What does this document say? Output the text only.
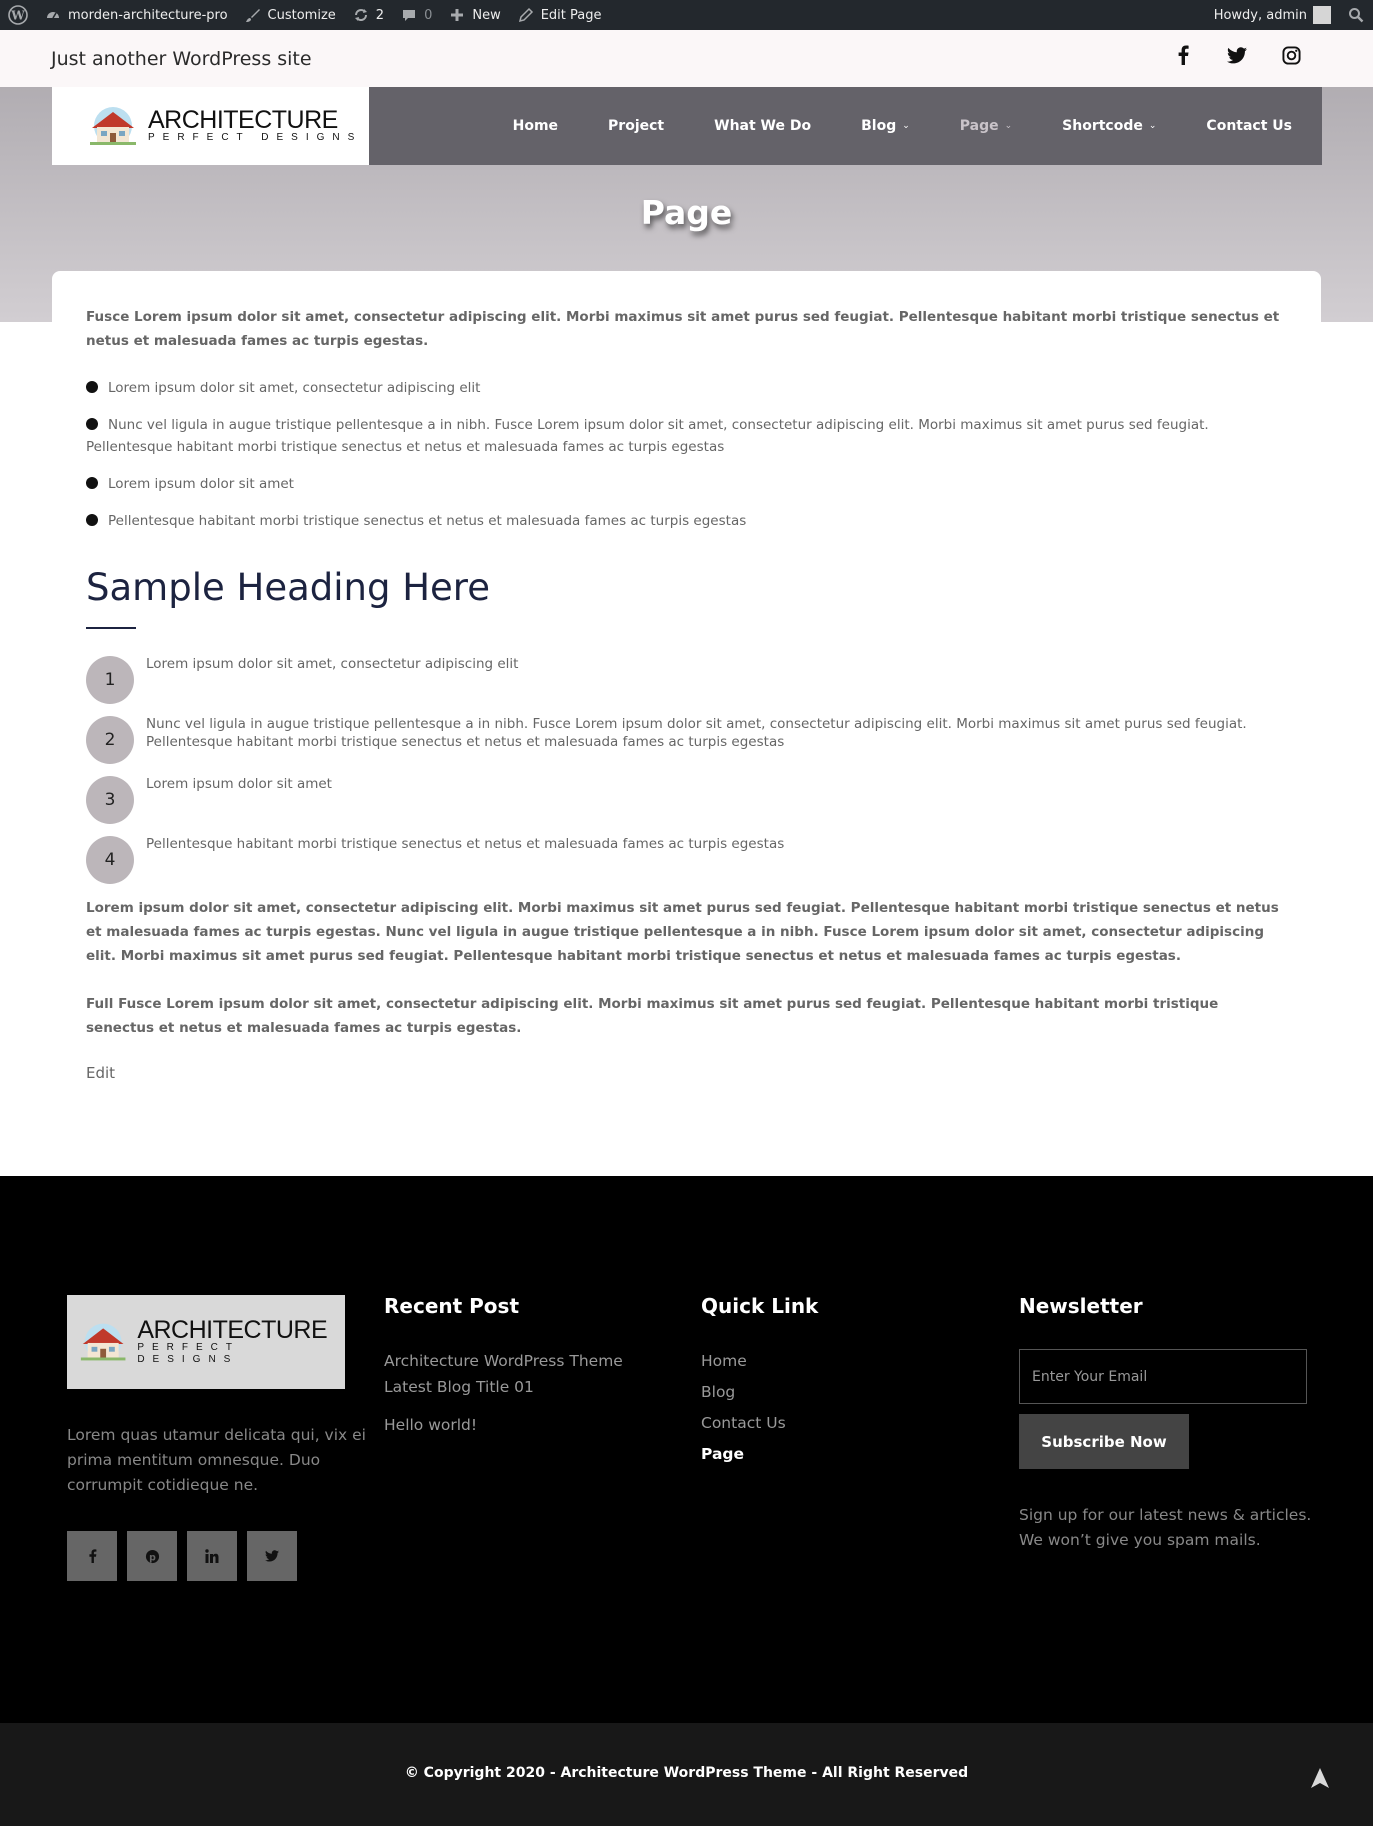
W	morden-architecture-pro	Customize	2	0	New	Edit Page	Howdy, admin
Just another WordPress site
ARCHITECTURE
PERFECT DESIGNS
Home	Project	What We Do	Blog ⌄	Page ⌄	Shortcode ⌄	Contact Us
Page

Fusce Lorem ipsum dolor sit amet, consectetur adipiscing elit. Morbi maximus sit amet purus sed feugiat. Pellentesque habitant morbi tristique senectus et netus et malesuada fames ac turpis egestas.

Lorem ipsum dolor sit amet, consectetur adipiscing elit
Nunc vel ligula in augue tristique pellentesque a in nibh. Fusce Lorem ipsum dolor sit amet, consectetur adipiscing elit. Morbi maximus sit amet purus sed feugiat. Pellentesque habitant morbi tristique senectus et netus et malesuada fames ac turpis egestas
Lorem ipsum dolor sit amet
Pellentesque habitant morbi tristique senectus et netus et malesuada fames ac turpis egestas
Sample Heading Here
1
Lorem ipsum dolor sit amet, consectetur adipiscing elit
2
Nunc vel ligula in augue tristique pellentesque a in nibh. Fusce Lorem ipsum dolor sit amet, consectetur adipiscing elit. Morbi maximus sit amet purus sed feugiat. Pellentesque habitant morbi tristique senectus et netus et malesuada fames ac turpis egestas
3
Lorem ipsum dolor sit amet
4
Pellentesque habitant morbi tristique senectus et netus et malesuada fames ac turpis egestas

Lorem ipsum dolor sit amet, consectetur adipiscing elit. Morbi maximus sit amet purus sed feugiat. Pellentesque habitant morbi tristique senectus et netus et malesuada fames ac turpis egestas. Nunc vel ligula in augue tristique pellentesque a in nibh. Fusce Lorem ipsum dolor sit amet, consectetur adipiscing elit. Morbi maximus sit amet purus sed feugiat. Pellentesque habitant morbi tristique senectus et netus et malesuada fames ac turpis egestas.

Full Fusce Lorem ipsum dolor sit amet, consectetur adipiscing elit. Morbi maximus sit amet purus sed feugiat. Pellentesque habitant morbi tristique senectus et netus et malesuada fames ac turpis egestas.

Edit
ARCHITECTURE
PERFECT DESIGNS

Lorem quas utamur delicata qui, vix ei prima mentitum omnesque. Duo corrumpit cotidieque ne.

p
Recent Post
Architecture WordPress Theme Latest Blog Title 01
Hello world!
Quick Link
Home
Blog
Contact Us
Page
Newsletter
Enter Your Email
Subscribe Now

Sign up for our latest news & articles. We won’t give you spam mails.

© Copyright 2020 - Architecture WordPress Theme - All Right Reserved
